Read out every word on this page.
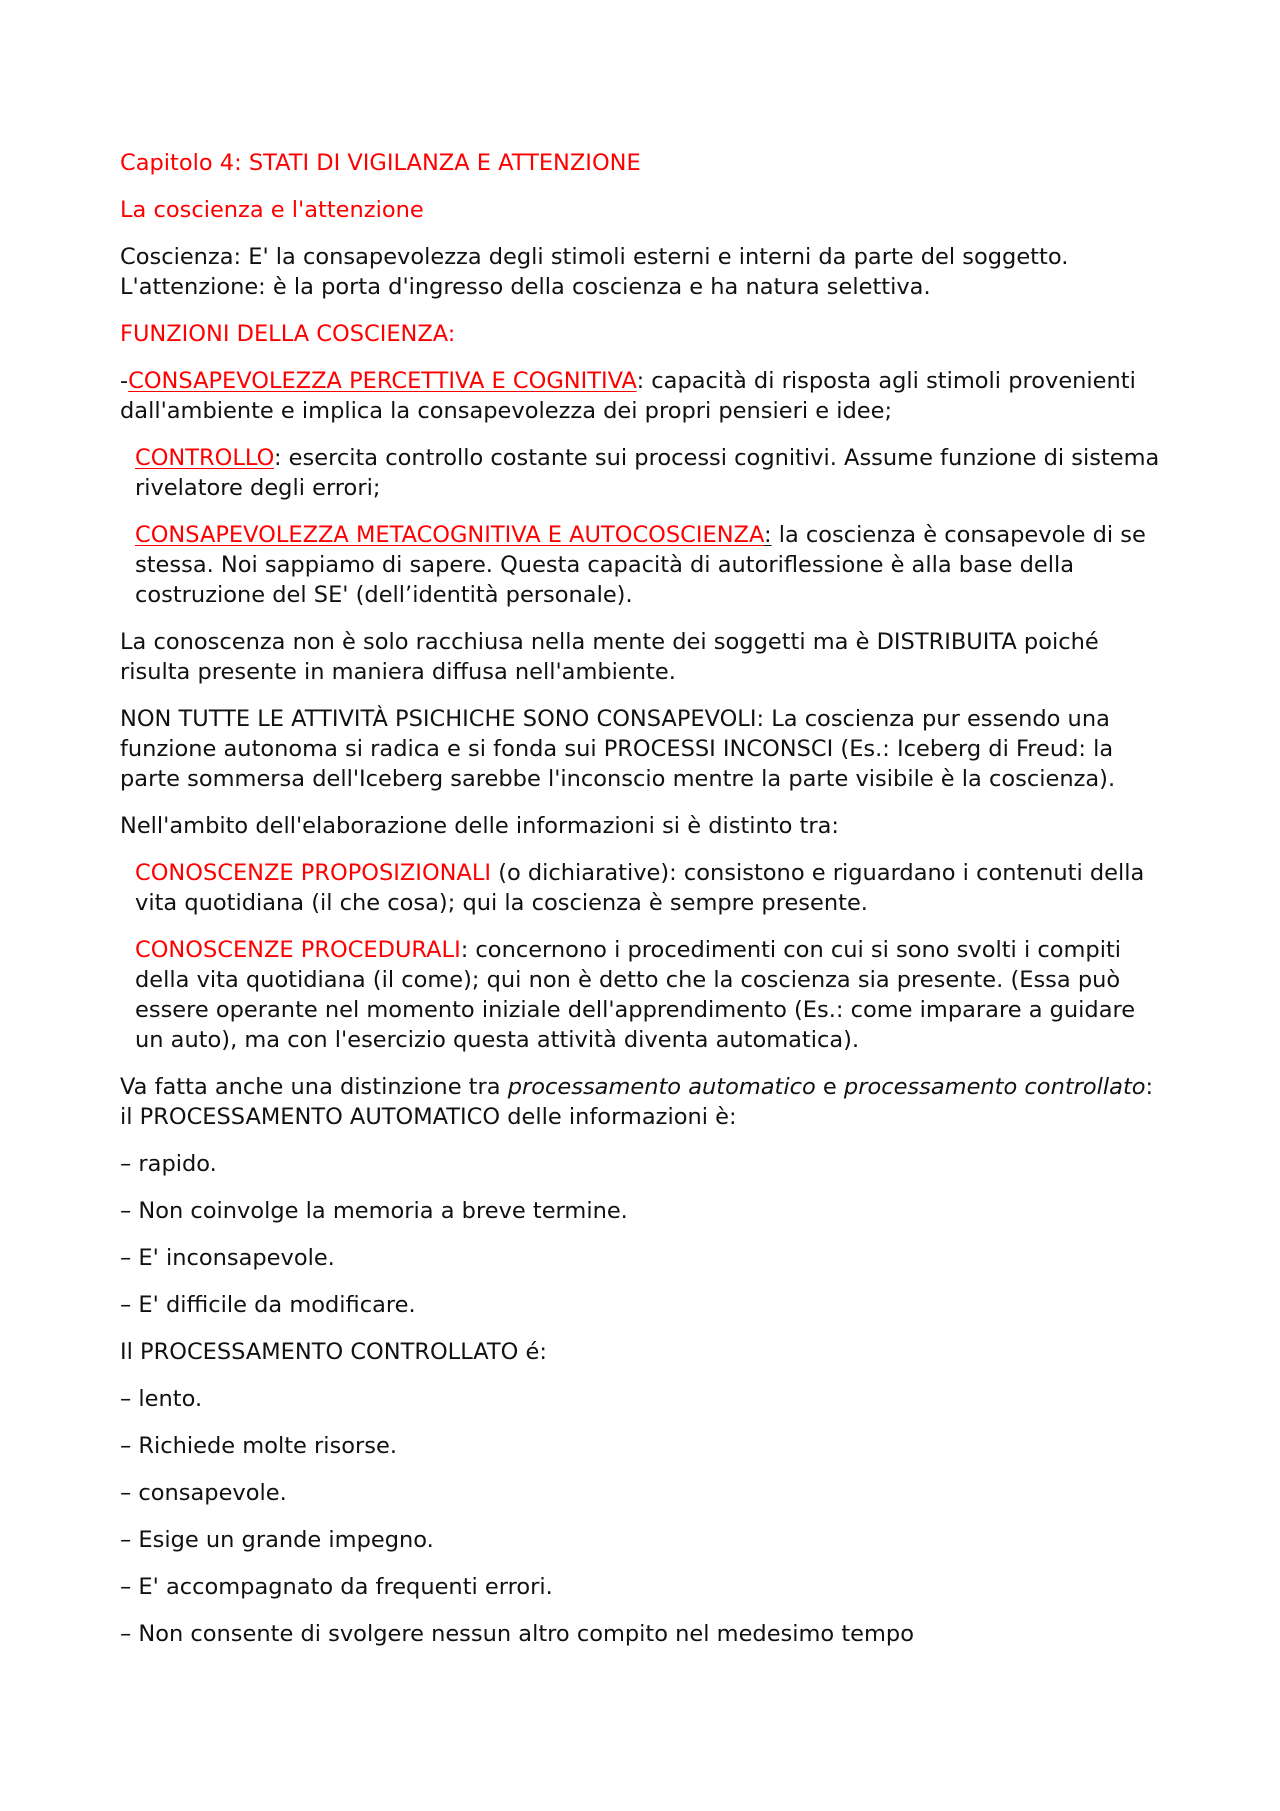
Capitolo 4: STATI DI VIGILANZA E ATTENZIONE

La coscienza e l'attenzione

Coscienza: E' la consapevolezza degli stimoli esterni e interni da parte del soggetto.
L'attenzione: è la porta d'ingresso della coscienza e ha natura selettiva.

FUNZIONI DELLA COSCIENZA:

-CONSAPEVOLEZZA PERCETTIVA E COGNITIVA: capacità di risposta agli stimoli provenienti dall'ambiente e implica la consapevolezza dei propri pensieri e idee;

CONTROLLO: esercita controllo costante sui processi cognitivi. Assume funzione di sistema rivelatore degli errori;

CONSAPEVOLEZZA METACOGNITIVA E AUTOCOSCIENZA: la coscienza è consapevole di se stessa. Noi sappiamo di sapere. Questa capacità di autoriflessione è alla base della costruzione del SE' (dell’identità personale).

La conoscenza non è solo racchiusa nella mente dei soggetti ma è DISTRIBUITA poiché risulta presente in maniera diffusa nell'ambiente.

NON TUTTE LE ATTIVITÀ PSICHICHE SONO CONSAPEVOLI: La coscienza pur essendo una funzione autonoma si radica e si fonda sui PROCESSI INCONSCI (Es.: Iceberg di Freud: la parte sommersa dell'Iceberg sarebbe l'inconscio mentre la parte visibile è la coscienza).

Nell'ambito dell'elaborazione delle informazioni si è distinto tra:

CONOSCENZE PROPOSIZIONALI (o dichiarative): consistono e riguardano i contenuti della vita quotidiana (il che cosa); qui la coscienza è sempre presente.

CONOSCENZE PROCEDURALI: concernono i procedimenti con cui si sono svolti i compiti della vita quotidiana (il come); qui non è detto che la coscienza sia presente. (Essa può essere operante nel momento iniziale dell'apprendimento (Es.: come imparare a guidare un auto), ma con l'esercizio questa attività diventa automatica).

Va fatta anche una distinzione tra processamento automatico e processamento controllato: il PROCESSAMENTO AUTOMATICO delle informazioni è:

– rapido.

– Non coinvolge la memoria a breve termine.

– E' inconsapevole.

– E' difficile da modificare.

Il PROCESSAMENTO CONTROLLATO é:

– lento.

– Richiede molte risorse.

– consapevole.

– Esige un grande impegno.

– E' accompagnato da frequenti errori.

– Non consente di svolgere nessun altro compito nel medesimo tempo
